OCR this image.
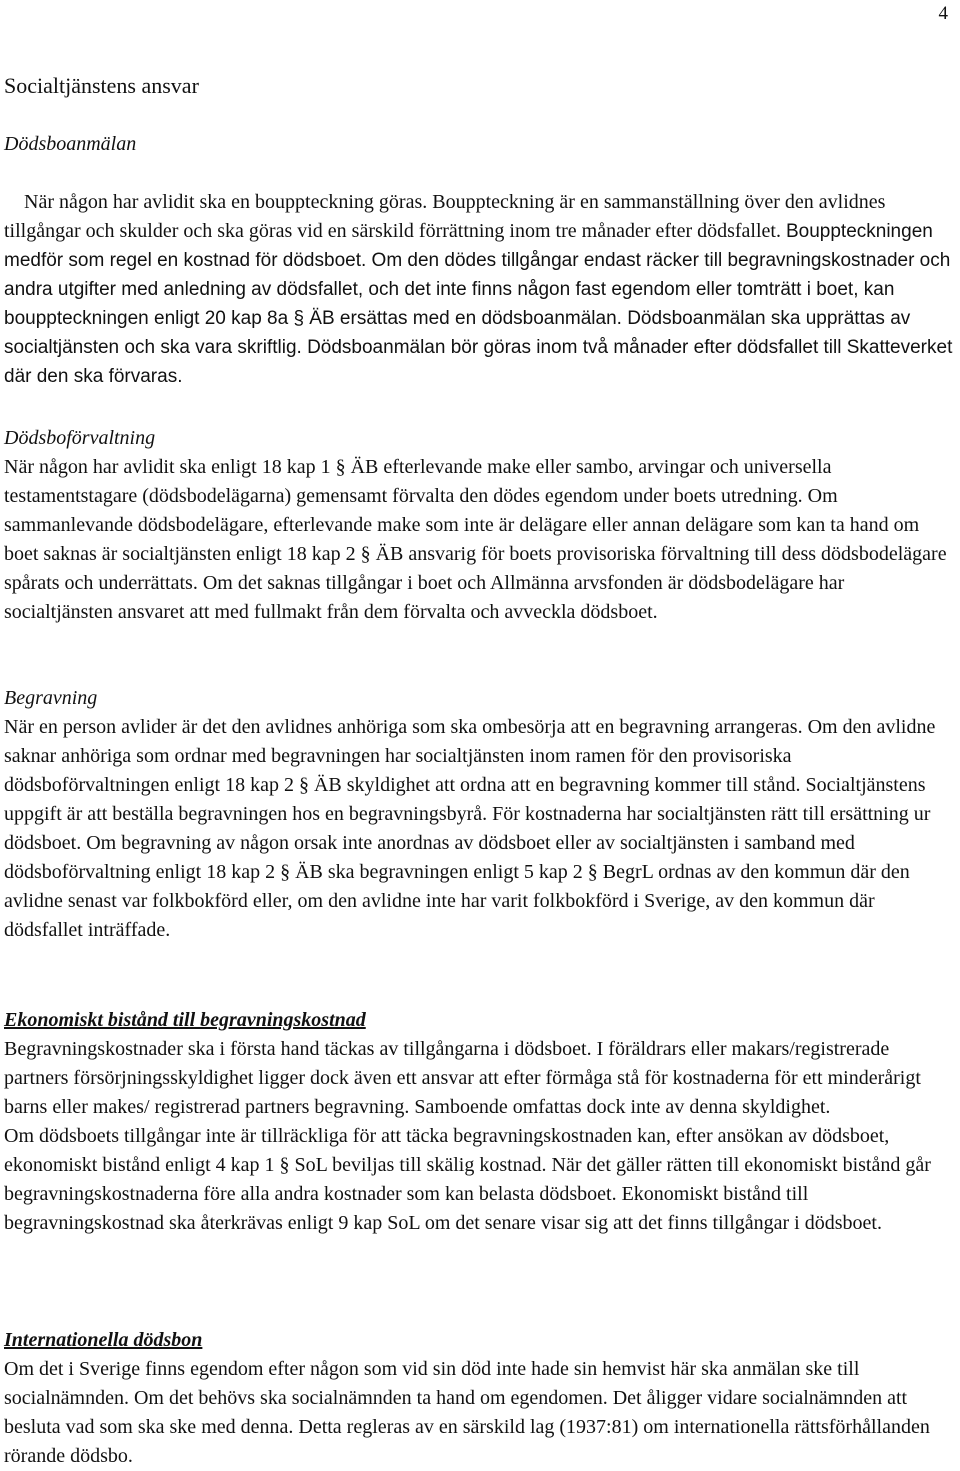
4
Socialtjänstens ansvar
Dödsboanmälan

När någon har avlidit ska en bouppteckning göras. Bouppteckning är en sammanställning över den avlidnes tillgångar och skulder och ska göras vid en särskild förrättning inom tre månader efter dödsfallet. Bouppteckningen medför som regel en kostnad för dödsboet. Om den dödes tillgångar endast räcker till begravningskostnader och andra utgifter med anledning av dödsfallet, och det inte finns någon fast egendom eller tomträtt i boet, kan bouppteckningen enligt 20 kap 8a § ÄB ersättas med en dödsboanmälan. Dödsboanmälan ska upprättas av socialtjänsten och ska vara skriftlig. Dödsboanmälan bör göras inom två månader efter dödsfallet till Skatteverket där den ska förvaras.

Dödsboförvaltning

När någon har avlidit ska enligt 18 kap 1 § ÄB efterlevande make eller sambo, arvingar och universella testamentstagare (dödsbodelägarna) gemensamt förvalta den dödes egendom under boets utredning. Om sammanlevande dödsbodelägare, efterlevande make som inte är delägare eller annan delägare som kan ta hand om boet saknas är socialtjänsten enligt 18 kap 2 § ÄB ansvarig för boets provisoriska förvaltning till dess dödsbodelägare spårats och underrättats. Om det saknas tillgångar i boet och Allmänna arvsfonden är dödsbodelägare har socialtjänsten ansvaret att med fullmakt från dem förvalta och avveckla dödsboet.

Begravning

När en person avlider är det den avlidnes anhöriga som ska ombesörja att en begravning arrangeras. Om den avlidne saknar anhöriga som ordnar med begravningen har socialtjänsten inom ramen för den provisoriska dödsboförvaltningen enligt 18 kap 2 § ÄB skyldighet att ordna att en begravning kommer till stånd. Socialtjänstens uppgift är att beställa begravningen hos en begravningsbyrå. För kostnaderna har socialtjänsten rätt till ersättning ur dödsboet. Om begravning av någon orsak inte anordnas av dödsboet eller av socialtjänsten i samband med dödsboförvaltning enligt 18 kap 2 § ÄB ska begravningen enligt 5 kap 2 § BegrL ordnas av den kommun där den avlidne senast var folkbokförd eller, om den avlidne inte har varit folkbokförd i Sverige, av den kommun där dödsfallet inträffade.

Ekonomiskt bistånd till begravningskostnad

Begravningskostnader ska i första hand täckas av tillgångarna i dödsboet. I föräldrars eller makars/registrerade partners försörjningsskyldighet ligger dock även ett ansvar att efter förmåga stå för kostnaderna för ett minderårigt barns eller makes/ registrerad partners begravning. Samboende omfattas dock inte av denna skyldighet.

Om dödsboets tillgångar inte är tillräckliga för att täcka begravningskostnaden kan, efter ansökan av dödsboet, ekonomiskt bistånd enligt 4 kap 1 § SoL beviljas till skälig kostnad. När det gäller rätten till ekonomiskt bistånd går begravningskostnaderna före alla andra kostnader som kan belasta dödsboet. Ekonomiskt bistånd till begravningskostnad ska återkrävas enligt 9 kap SoL om det senare visar sig att det finns tillgångar i dödsboet.

Internationella dödsbon

Om det i Sverige finns egendom efter någon som vid sin död inte hade sin hemvist här ska anmälan ske till socialnämnden. Om det behövs ska socialnämnden ta hand om egendomen. Det åligger vidare socialnämnden att besluta vad som ska ske med denna. Detta regleras av en särskild lag (1937:81) om internationella rättsförhållanden rörande dödsbo.
